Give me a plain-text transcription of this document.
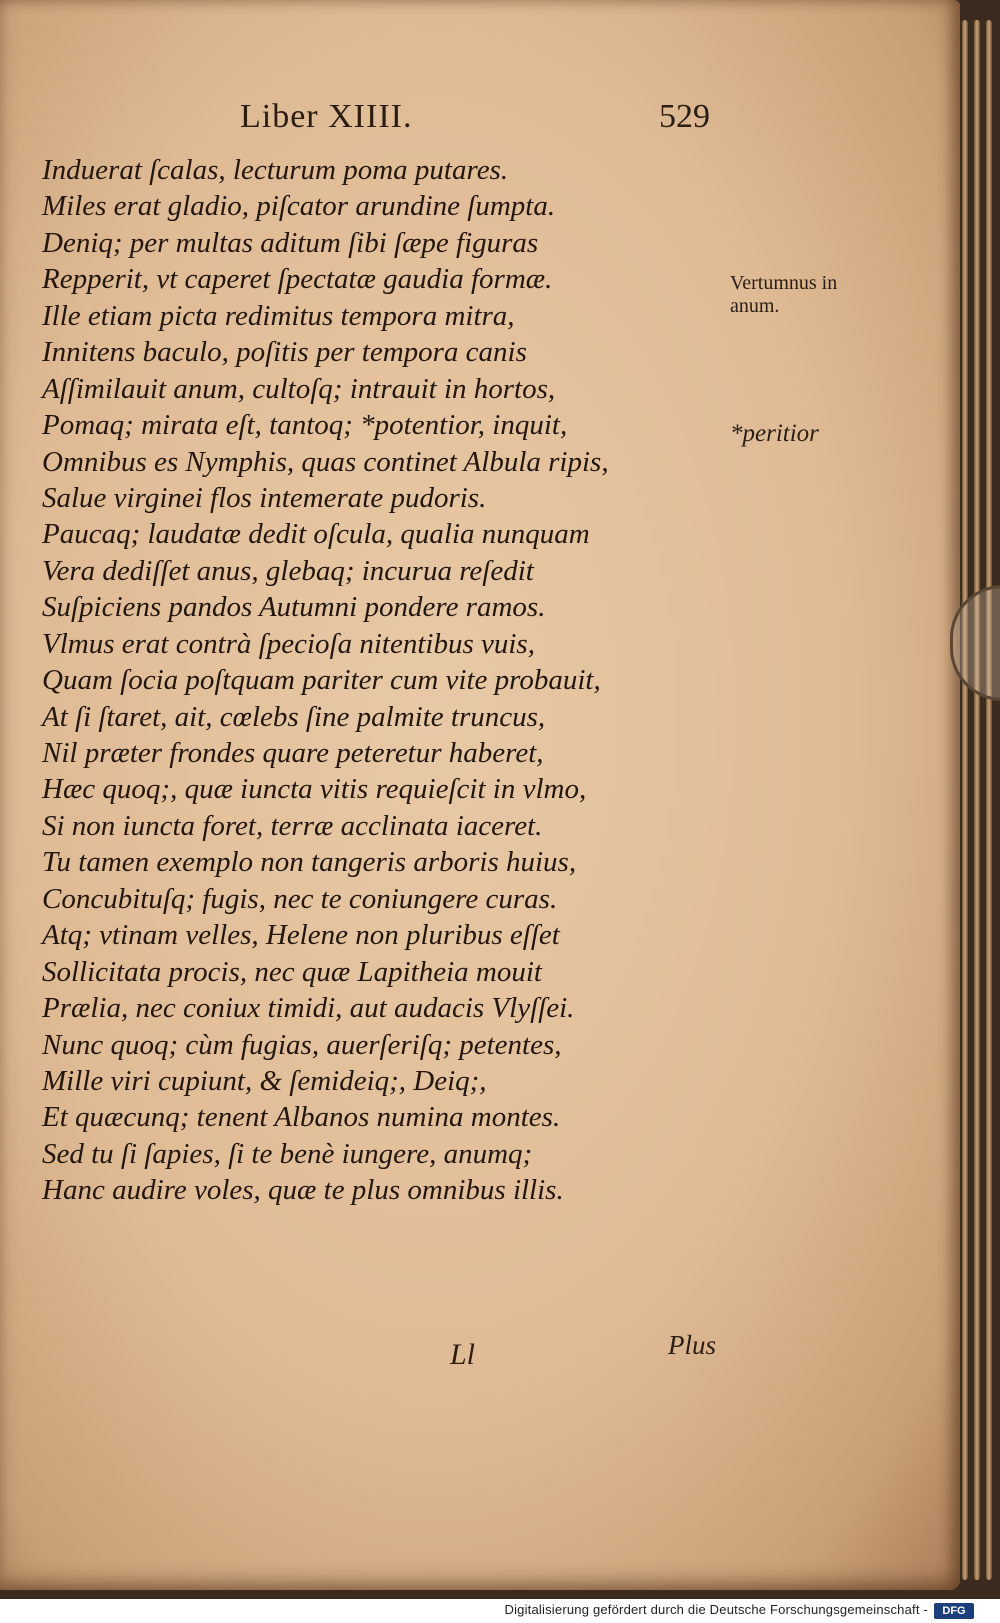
Liber XIIII.	529
Induerat ſcalas, lecturum poma putares.
Miles erat gladio, piſcator arundine ſumpta.
Deniq; per multas aditum ſibi ſæpe figuras
Repperit, vt caperet ſpectatæ gaudia formæ.
Ille etiam picta redimitus tempora mitra,
Innitens baculo, poſitis per tempora canis
Aſſimilauit anum, cultoſq; intrauit in hortos,
Pomaq; mirata eſt, tantoq; *potentior, inquit,
Omnibus es Nymphis, quas continet Albula ripis,
Salue virginei flos intemerate pudoris.
Paucaq; laudatæ dedit oſcula, qualia nunquam
Vera dediſſet anus, glebaq; incurua reſedit
Suſpiciens pandos Autumni pondere ramos.
Vlmus erat contrà ſpecioſa nitentibus vuis,
Quam ſocia poſtquam pariter cum vite probauit,
At ſi ſtaret, ait, cœlebs ſine palmite truncus,
Nil præter frondes quare peteretur haberet,
Hæc quoq;, quæ iuncta vitis requieſcit in vlmo,
Si non iuncta foret, terræ acclinata iaceret.
Tu tamen exemplo non tangeris arboris huius,
Concubituſq; fugis, nec te coniungere curas.
Atq; vtinam velles, Helene non pluribus eſſet
Sollicitata procis, nec quæ Lapitheia mouit
Prælia, nec coniux timidi, aut audacis Vlyſſei.
Nunc quoq; cùm fugias, auerſeriſq; petentes,
Mille viri cupiunt, & ſemideiq;, Deiq;,
Et quæcunq; tenent Albanos numina montes.
Sed tu ſi ſapies, ſi te benè iungere, anumq;
Hanc audire voles, quæ te plus omnibus illis.
Vertumnus in anum.
*peritior
Ll	Plus
Digitalisierung gefördert durch die Deutsche Forschungsgemeinschaft -	DFG
